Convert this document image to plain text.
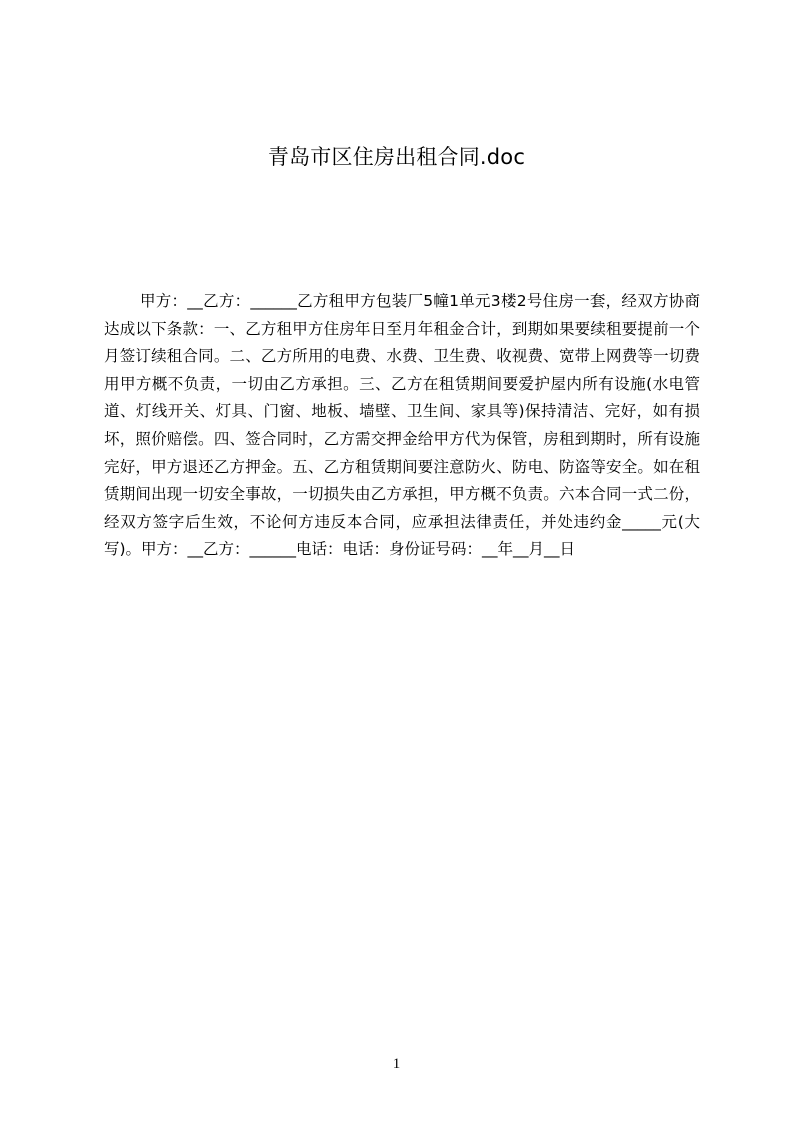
青岛市区住房出租合同.doc
甲方：__乙方：______乙方租甲方包装厂5幢1单元3楼2号住房一套，经双方协商达成以下条款：一、乙方租甲方住房年日至月年租金合计，到期如果要续租要提前一个月签订续租合同。二、乙方所用的电费、水费、卫生费、收视费、宽带上网费等一切费用甲方概不负责，一切由乙方承担。三、乙方在租赁期间要爱护屋内所有设施(水电管道、灯线开关、灯具、门窗、地板、墙壁、卫生间、家具等)保持清洁、完好，如有损坏，照价赔偿。四、签合同时，乙方需交押金给甲方代为保管，房租到期时，所有设施完好，甲方退还乙方押金。五、乙方租赁期间要注意防火、防电、防盗等安全。如在租赁期间出现一切安全事故，一切损失由乙方承担，甲方概不负责。六本合同一式二份，经双方签字后生效，不论何方违反本合同，应承担法律责任，并处违约金_____元(大写)。甲方：__乙方：______电话：电话：身份证号码：__年__月__日
1
